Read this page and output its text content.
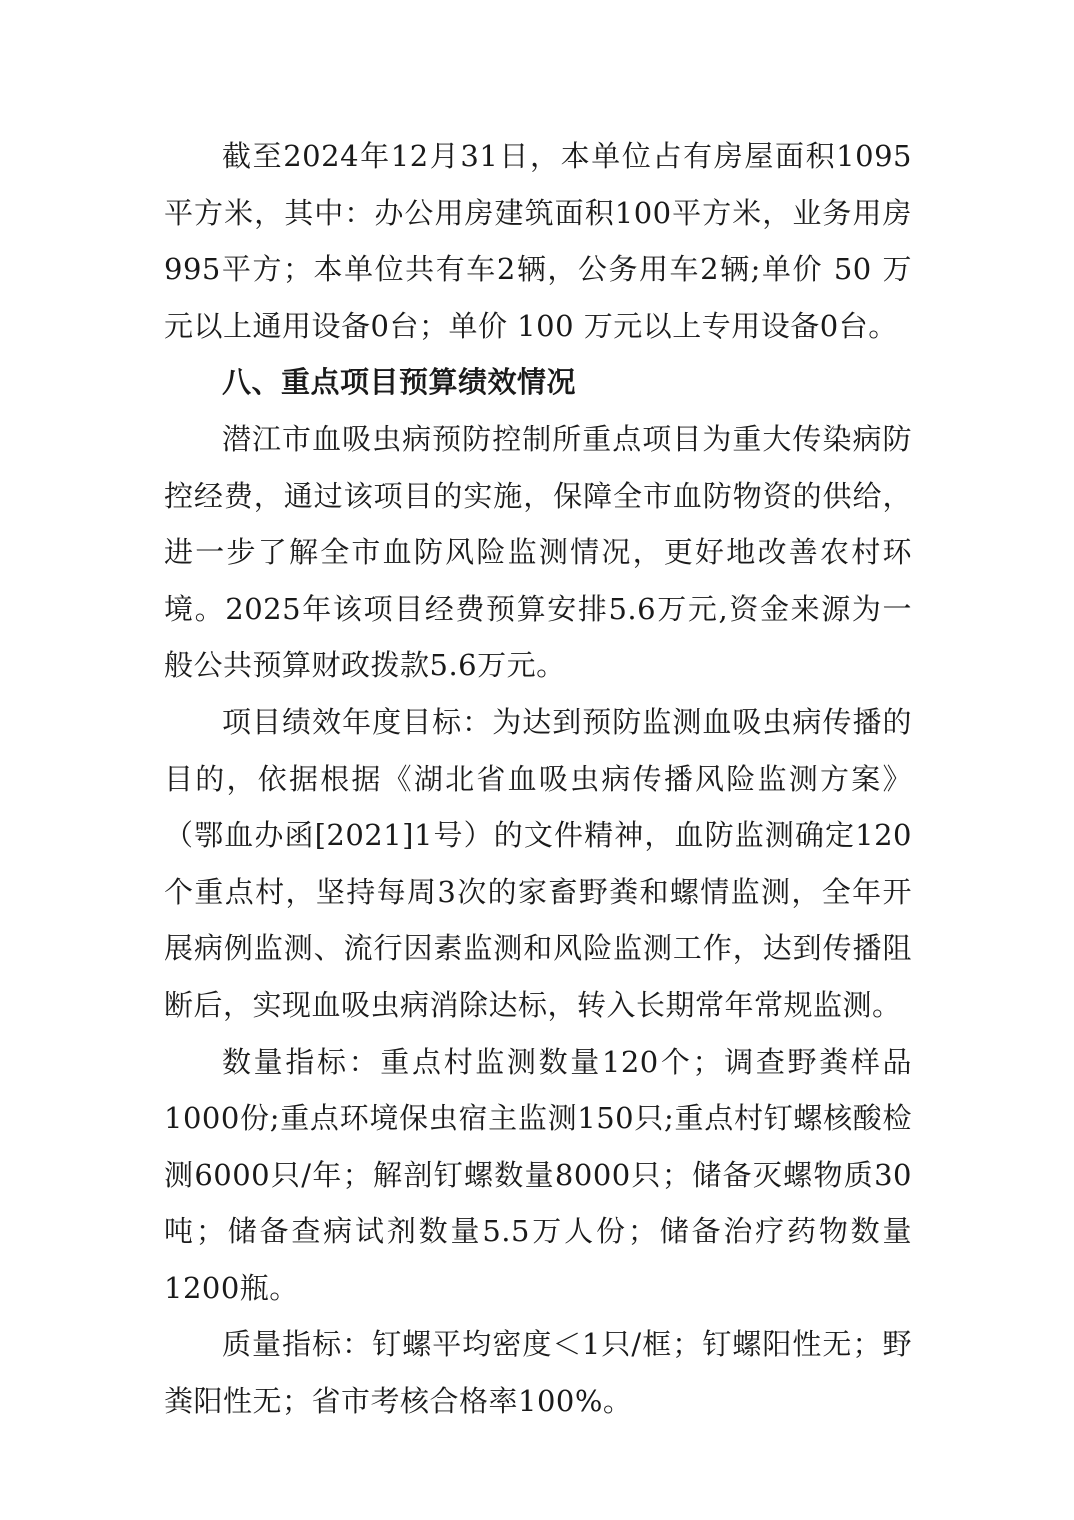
截至2024年12月31日，本单位占有房屋面积1095平方米，其中：办公用房建筑面积100平方米，业务用房995平方；本单位共有车2辆，公务用车2辆;单价 50 万元以上通用设备0台；单价 100 万元以上专用设备0台。

八、重点项目预算绩效情况

潜江市血吸虫病预防控制所重点项目为重大传染病防控经费，通过该项目的实施，保障全市血防物资的供给，进一步了解全市血防风险监测情况，更好地改善农村环境。2025年该项目经费预算安排5.6万元,资金来源为一般公共预算财政拨款5.6万元。

项目绩效年度目标：为达到预防监测血吸虫病传播的目的，依据根据《湖北省血吸虫病传播风险监测方案》（鄂血办函[2021]1号）的文件精神，血防监测确定120个重点村，坚持每周3次的家畜野粪和螺情监测，全年开展病例监测、流行因素监测和风险监测工作，达到传播阻断后，实现血吸虫病消除达标，转入长期常年常规监测。

数量指标：重点村监测数量120个；调查野粪样品1000份;重点环境保虫宿主监测150只;重点村钉螺核酸检测6000只/年；解剖钉螺数量8000只；储备灭螺物质30吨；储备查病试剂数量5.5万人份；储备治疗药物数量1200瓶。

质量指标：钉螺平均密度＜1只/框；钉螺阳性无；野粪阳性无；省市考核合格率100%。
